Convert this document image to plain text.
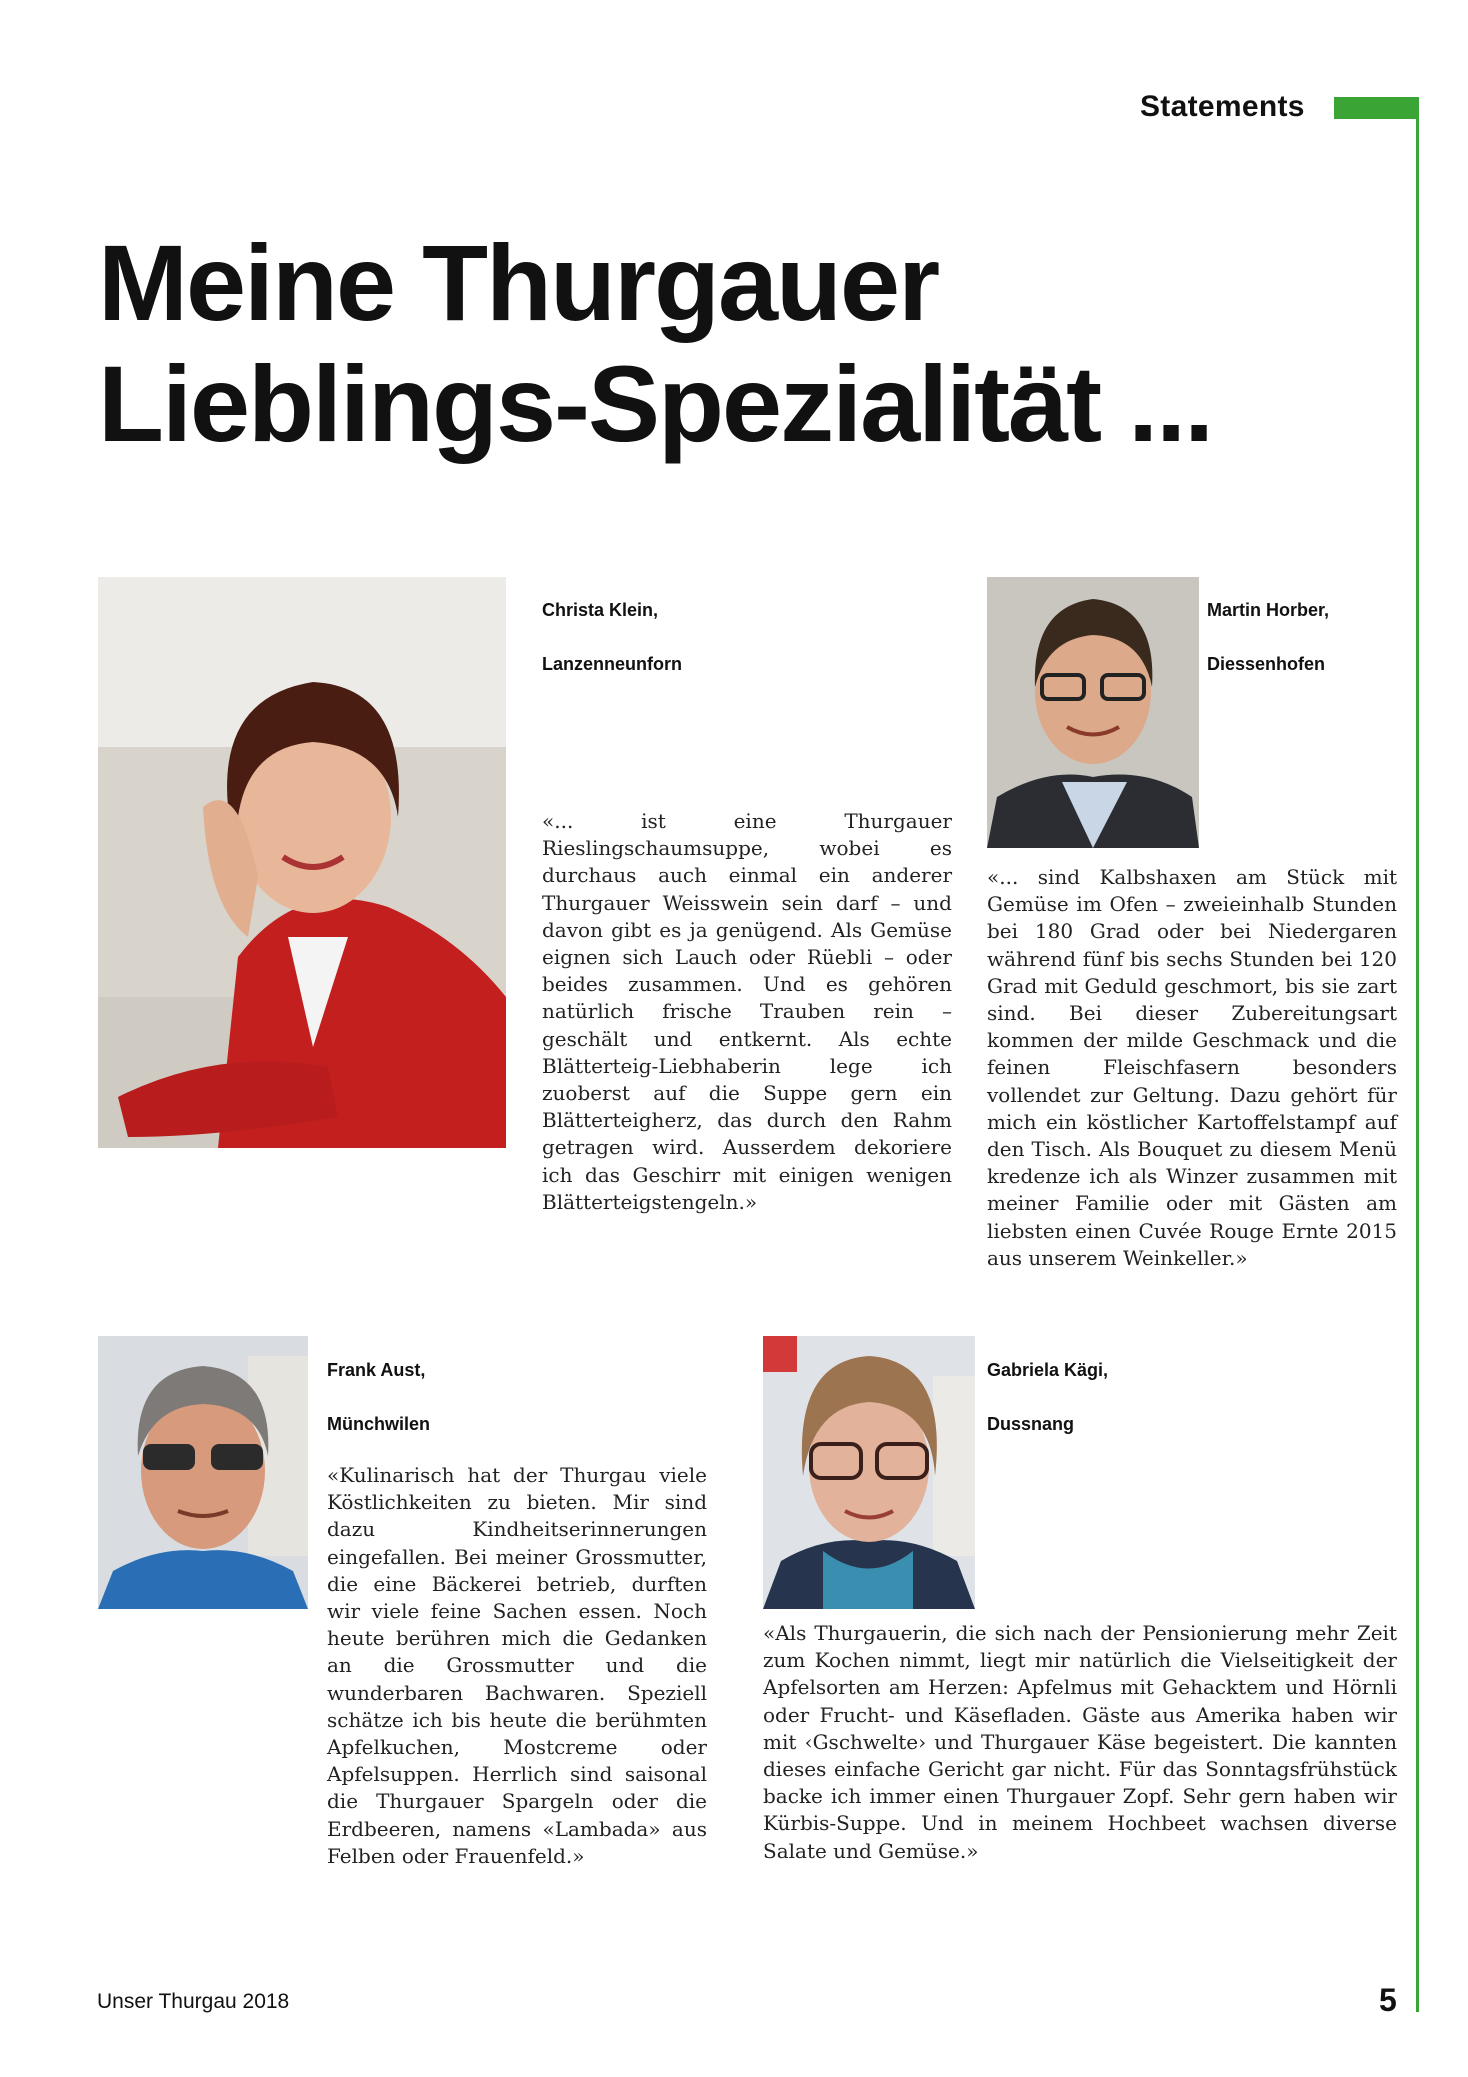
Statements
Meine Thurgauer
Lieblings-Spezialität ...

Christa Klein,

Lanzenneunforn

«... ist eine Thurgauer Rieslingschaumsuppe, wobei es durchaus auch einmal ein anderer Thurgauer Weisswein sein darf – und davon gibt es ja genügend. Als Gemüse eignen sich Lauch oder Rüebli – oder beides zusammen. Und es gehören natürlich frische Trauben rein – geschält und entkernt. Als echte Blätterteig-Liebhaberin lege ich zuoberst auf die Suppe gern ein Blätterteigherz, das durch den Rahm getragen wird. Ausserdem dekoriere ich das Geschirr mit einigen wenigen Blätterteigstengeln.»

Martin Horber,

Diessenhofen

«... sind Kalbshaxen am Stück mit Gemüse im Ofen – zweieinhalb Stunden bei 180 Grad oder bei Niedergaren während fünf bis sechs Stunden bei 120 Grad mit Geduld geschmort, bis sie zart sind. Bei dieser Zubereitungsart kommen der milde Geschmack und die feinen Fleischfasern besonders vollendet zur Geltung. Dazu gehört für mich ein köstlicher Kartoffelstampf auf den Tisch. Als Bouquet zu diesem Menü kredenze ich als Winzer zusammen mit meiner Familie oder mit Gästen am liebsten einen Cuvée Rouge Ernte 2015 aus unserem Weinkeller.»

Frank Aust,

Münchwilen

«Kulinarisch hat der Thurgau viele Köstlichkeiten zu bieten. Mir sind dazu Kindheitserinnerungen eingefallen. Bei meiner Grossmutter, die eine Bäckerei betrieb, durften wir viele feine Sachen essen. Noch heute berühren mich die Gedanken an die Grossmutter und die wunderbaren Bachwaren. Speziell schätze ich bis heute die berühmten Apfelkuchen, Mostcreme oder Apfelsuppen. Herrlich sind saisonal die Thurgauer Spargeln oder die Erdbeeren, namens «Lambada» aus Felben oder Frauenfeld.»

Gabriela Kägi,

Dussnang

«Als Thurgauerin, die sich nach der Pensionierung mehr Zeit zum Kochen nimmt, liegt mir natürlich die Vielseitigkeit der Apfelsorten am Herzen: Apfelmus mit Gehacktem und Hörnli oder Frucht- und Käsefladen. Gäste aus Amerika haben wir mit ‹Gschwelte› und Thurgauer Käse begeistert. Die kannten dieses einfache Gericht gar nicht. Für das Sonntagsfrühstück backe ich immer einen Thurgauer Zopf. Sehr gern haben wir Kürbis-Suppe. Und in meinem Hochbeet wachsen diverse Salate und Gemüse.»

Unser Thurgau 2018	5
